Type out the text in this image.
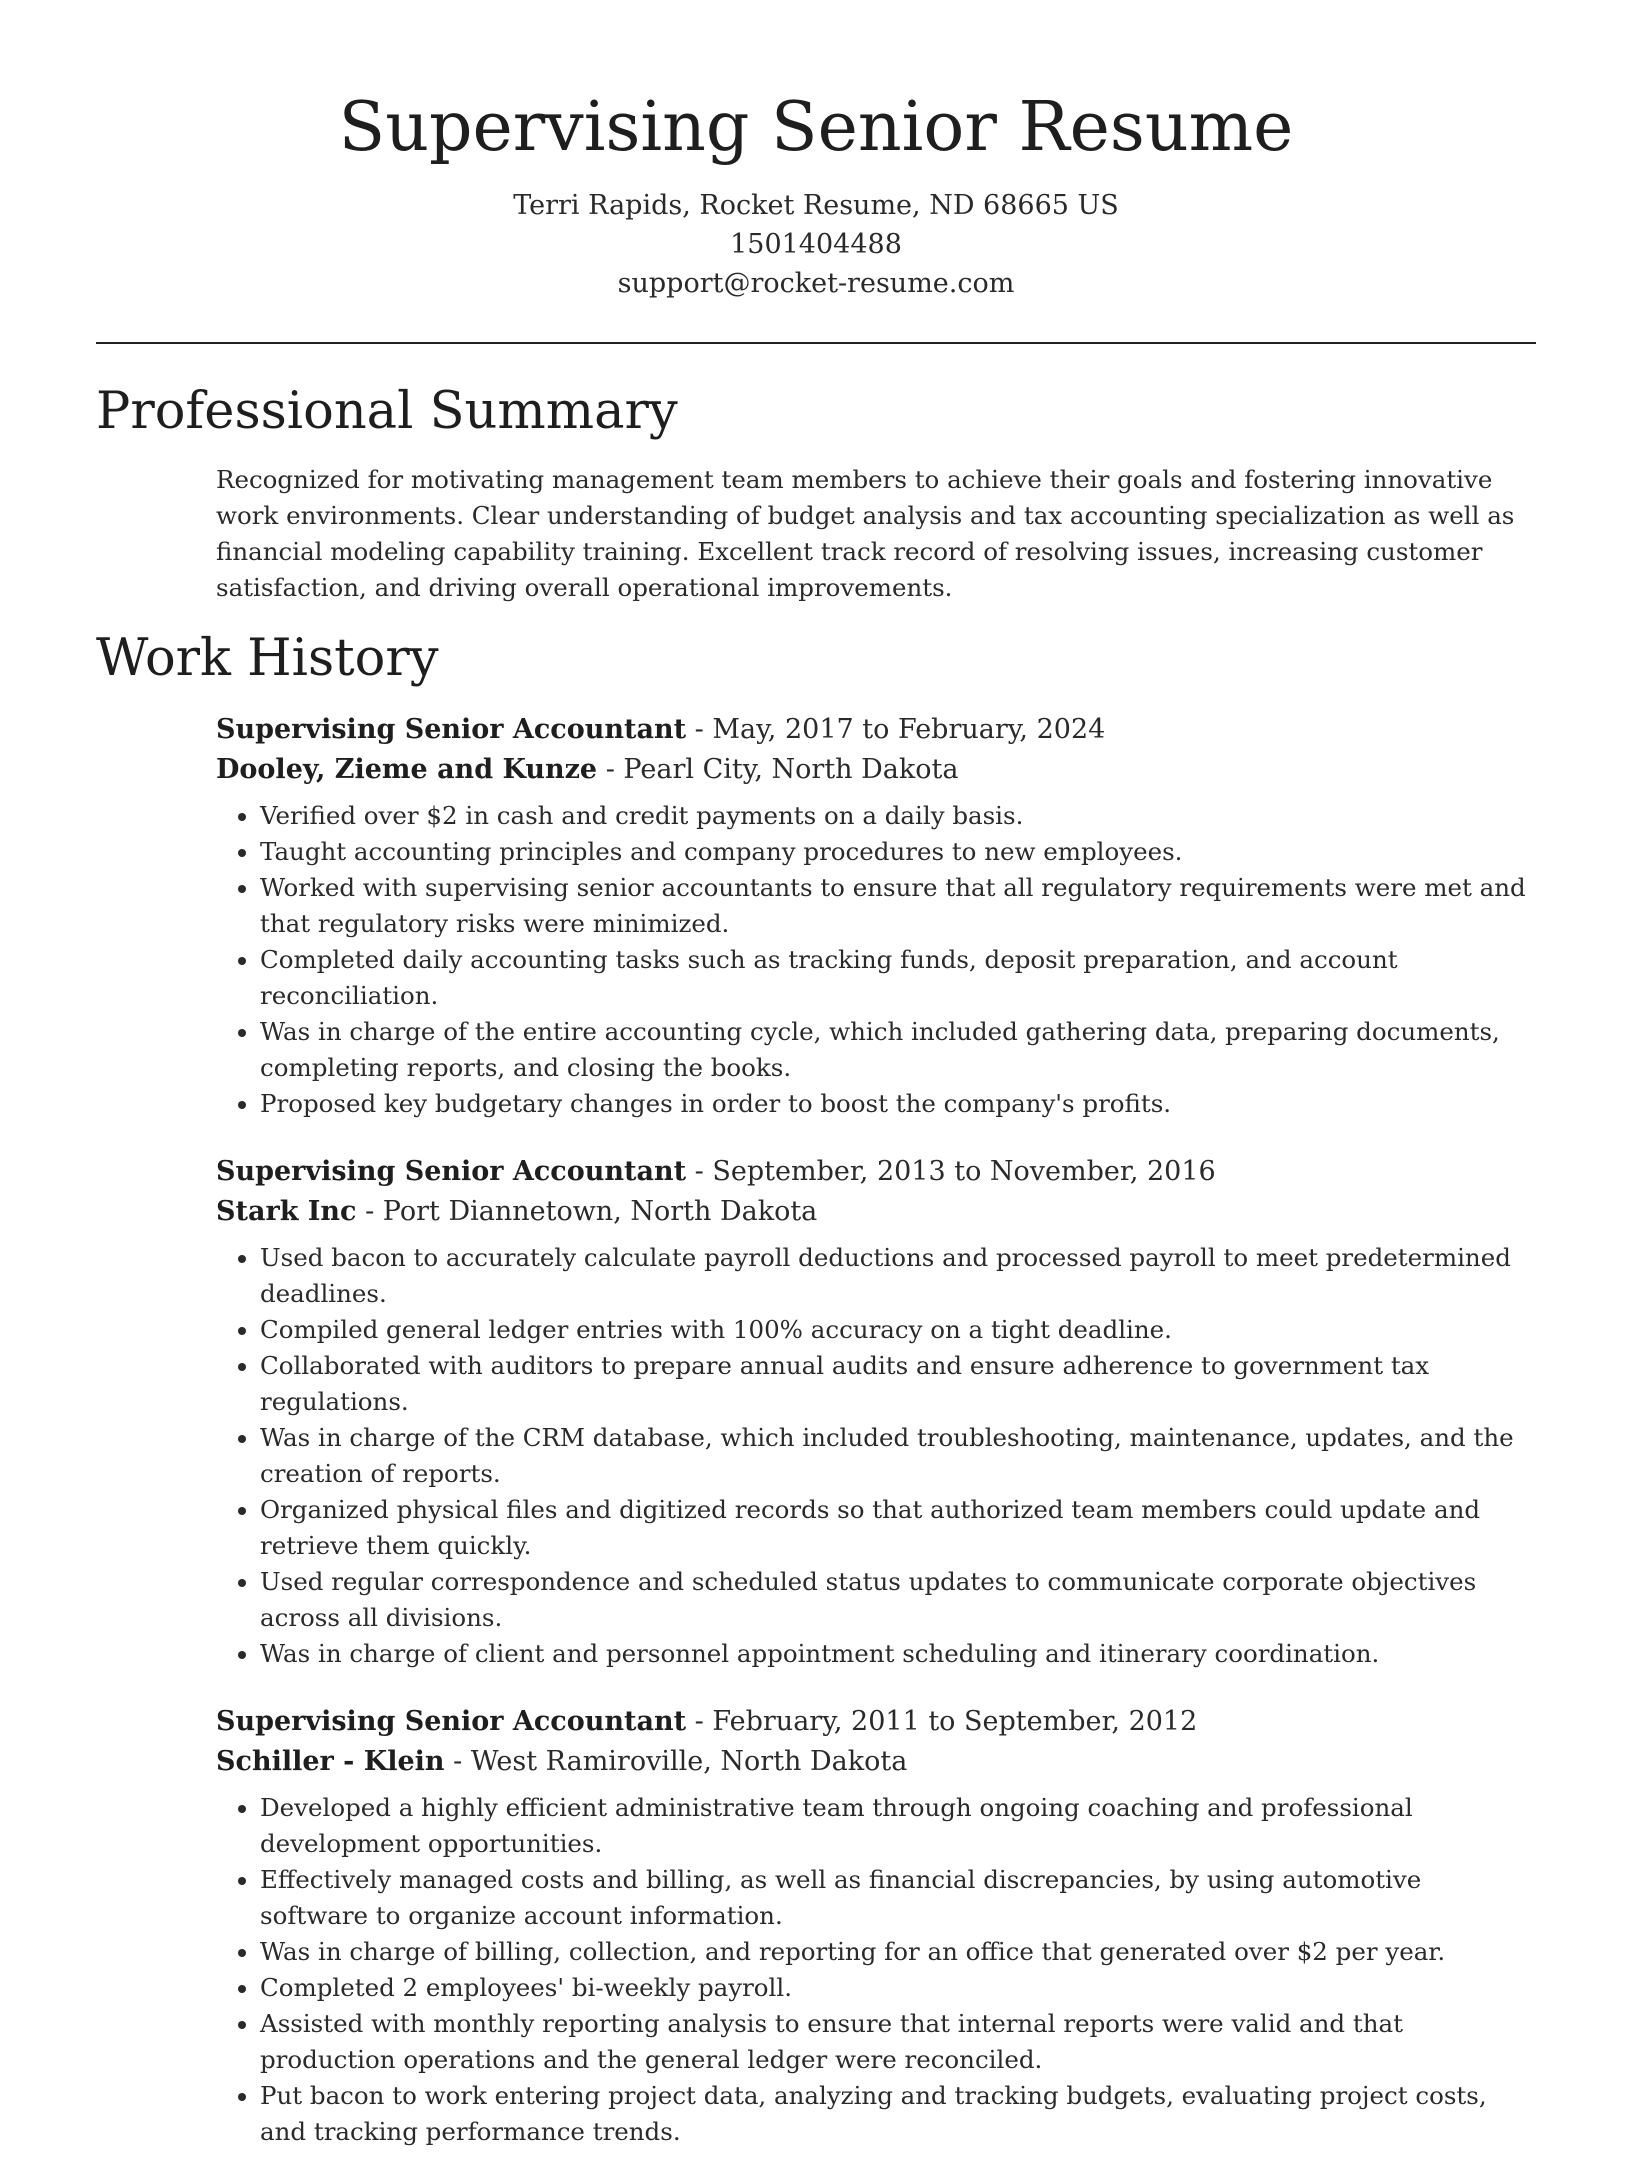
Supervising Senior Resume
Terri Rapids, Rocket Resume, ND 68665 US
1501404488
support@rocket-resume.com
Professional Summary

Recognized for motivating management team members to achieve their goals and fostering innovative work environments. Clear understanding of budget analysis and tax accounting specialization as well as financial modeling capability training. Excellent track record of resolving issues, increasing customer satisfaction, and driving overall operational improvements.

Work History
Supervising Senior Accountant - May, 2017 to February, 2024
Dooley, Zieme and Kunze - Pearl City, North Dakota
• Verified over $2 in cash and credit payments on a daily basis.
• Taught accounting principles and company procedures to new employees.
• Worked with supervising senior accountants to ensure that all regulatory requirements were met and that regulatory risks were minimized.
• Completed daily accounting tasks such as tracking funds, deposit preparation, and account reconciliation.
• Was in charge of the entire accounting cycle, which included gathering data, preparing documents, completing reports, and closing the books.
• Proposed key budgetary changes in order to boost the company's profits.
Supervising Senior Accountant - September, 2013 to November, 2016
Stark Inc - Port Diannetown, North Dakota
• Used bacon to accurately calculate payroll deductions and processed payroll to meet predetermined deadlines.
• Compiled general ledger entries with 100% accuracy on a tight deadline.
• Collaborated with auditors to prepare annual audits and ensure adherence to government tax regulations.
• Was in charge of the CRM database, which included troubleshooting, maintenance, updates, and the creation of reports.
• Organized physical files and digitized records so that authorized team members could update and retrieve them quickly.
• Used regular correspondence and scheduled status updates to communicate corporate objectives across all divisions.
• Was in charge of client and personnel appointment scheduling and itinerary coordination.
Supervising Senior Accountant - February, 2011 to September, 2012
Schiller - Klein - West Ramiroville, North Dakota
• Developed a highly efficient administrative team through ongoing coaching and professional development opportunities.
• Effectively managed costs and billing, as well as financial discrepancies, by using automotive software to organize account information.
• Was in charge of billing, collection, and reporting for an office that generated over $2 per year.
• Completed 2 employees' bi-weekly payroll.
• Assisted with monthly reporting analysis to ensure that internal reports were valid and that production operations and the general ledger were reconciled.
• Put bacon to work entering project data, analyzing and tracking budgets, evaluating project costs, and tracking performance trends.
